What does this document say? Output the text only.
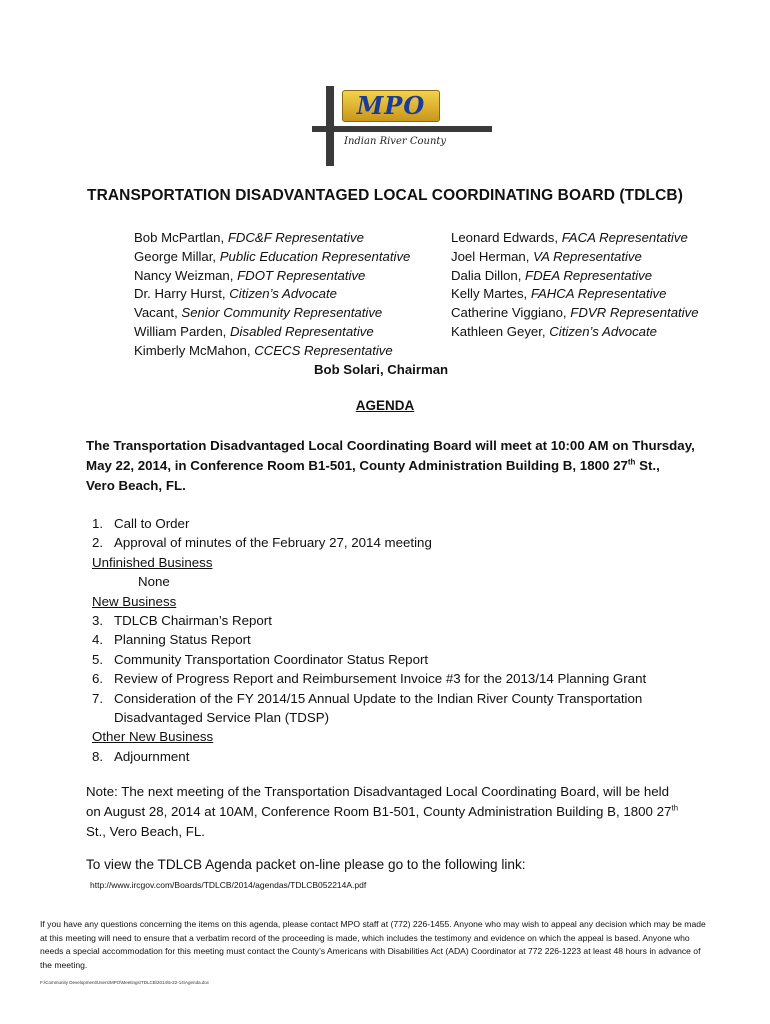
MPO
Indian River County
TRANSPORTATION DISADVANTAGED LOCAL COORDINATING BOARD (TDLCB)
Bob McPartlan, FDC&F Representative
George Millar, Public Education Representative
Nancy Weizman, FDOT Representative
Dr. Harry Hurst, Citizen’s Advocate
Vacant, Senior Community Representative
William Parden, Disabled Representative
Kimberly McMahon, CCECS Representative
Leonard Edwards, FACA Representative
Joel Herman, VA Representative
Dalia Dillon, FDEA Representative
Kelly Martes, FAHCA Representative
Catherine Viggiano, FDVR Representative
Kathleen Geyer, Citizen’s Advocate
Bob Solari, Chairman
AGENDA
The Transportation Disadvantaged Local Coordinating Board will meet at 10:00 AM on Thursday,
May 22, 2014, in Conference Room B1-501, County Administration Building B, 1800 27th St.,
Vero Beach, FL.
1. Call to Order
2. Approval of minutes of the February 27, 2014 meeting
Unfinished Business
None
New Business
3. TDLCB Chairman’s Report
4. Planning Status Report
5. Community Transportation Coordinator Status Report
6. Review of Progress Report and Reimbursement Invoice #3 for the 2013/14 Planning Grant
7. Consideration of the FY 2014/15 Annual Update to the Indian River County Transportation
Disadvantaged Service Plan (TDSP)
Other New Business
8. Adjournment
Note: The next meeting of the Transportation Disadvantaged Local Coordinating Board, will be held
on August 28, 2014 at 10AM, Conference Room B1-501, County Administration Building B, 1800 27th
St., Vero Beach, FL.
To view the TDLCB Agenda packet on-line please go to the following link:
http://www.ircgov.com/Boards/TDLCB/2014/agendas/TDLCB052214A.pdf
If you have any questions concerning the items on this agenda, please contact MPO staff at (772) 226-1455. Anyone who may wish to appeal any decision which may be made at this meeting will need to ensure that a verbatim record of the proceeding is made, which includes the testimony and evidence on which the appeal is based. Anyone who needs a special accommodation for this meeting must contact the County’s Americans with Disabilities Act (ADA) Coordinator at 772 226-1223 at least 48 hours in advance of the meeting.
F:\Community Development\Users\MPO\Meetings\TDLCB\2014\5-22-14\Agenda.doc
